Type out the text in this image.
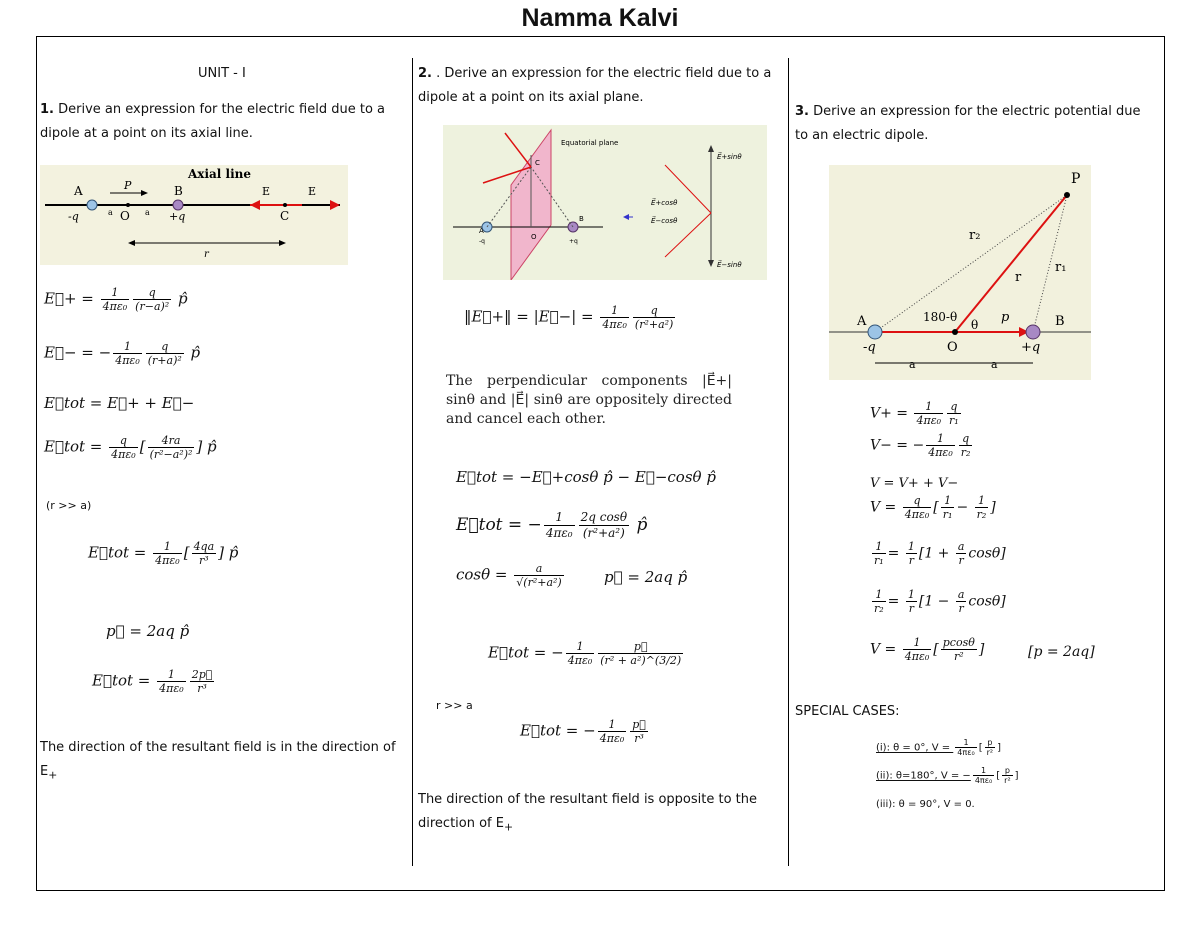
Namma Kalvi
UNIT - I
1. Derive an expression for the electric field due to a dipole at a point on its axial line.
Axial line
A	B
O	C
-q	+q
a	a
P	E	E
r
E⃗+ = $\frac{1}{\text{4πε₀}} \frac{q}{\text{(r−a)²}}$ p̂
E⃗− = − $\frac{1}{\text{4πε₀}} \frac{q}{\text{(r+a)²}}$ p̂
E⃗tot = E⃗+ + E⃗−
E⃗tot = $\frac{q}{\text{4πε₀}}$ [ $\frac{4ra}{\text{(r²−a²)²}}$ ] p̂
(r >> a)
E⃗tot = $\frac{1}{\text{4πε₀}}$ [ $\frac{4qa}{\text{r³}}$ ] p̂
p⃗ = 2aq p̂
E⃗tot = $\frac{1}{\text{4πε₀}} \frac{2p⃗}{\text{r³}}$
The direction of the resultant field is in the direction of $E_+$
2. . Derive an expression for the electric field due to a dipole at a point on its axial plane.
Equatorial plane
A
B
O
C
-q	+q
E⃗+sinθ
E⃗+cosθ
E⃗−cosθ
E⃗−sinθ
‖E⃗+‖ = |E⃗−| = $\frac{1}{\text{4πε₀}} \frac{q}{\text{(r²+a²)}}$
The perpendicular components |E⃗+| sinθ and |E⃗| sinθ are oppositely directed and cancel each other.
E⃗tot = −E⃗+cosθ p̂ − E⃗−cosθ p̂
E⃗tot = − $\frac{1}{\text{4πε₀}} \frac{\text{2q cosθ}}{\text{(r²+a²)}}$ p̂
$\cos\theta = \frac{a}{\text{√(r²+a²)}}$	p⃗ = 2aq p̂
E⃗tot = − $\frac{1}{\text{4πε₀}} \frac{p⃗}{\text{(r² + a²)\textasciicircum{}(3/2)}}$
r >> a
E⃗tot = − $\frac{1}{\text{4πε₀}} \frac{p⃗}{\text{r³}}$
The direction of the resultant field is opposite to the direction of $E_+$
3. Derive an expression for the electric potential due to an electric dipole.
P
A	B
O
r
r₁
r₂
180-θ
θ p
-q	+q
a	a
$V+ = \frac{1}{\text{4πε₀}} \frac{q}{\text{r₁}}$
V− = − $\frac{1}{\text{4πε₀}} \frac{q}{\text{r₂}}$
V = V+ + V−
$V = \frac{q}{\text{4πε₀}}$ [ $\frac{1}{\text{r₁}} - \frac{1}{\text{r₂}}$ ]
$\frac{1}{\text{r₁}} = \frac{1}{r} [1 + \frac{a}{r} \cos\theta]$
$\frac{1}{\text{r₂}} = \frac{1}{r} [1 - \frac{a}{r} \cos\theta]$
$V = \frac{1}{\text{4πε₀}}$ [ $\frac{pcos\theta}{\text{r²}}$ ]	[p = 2aq]
SPECIAL CASES:
(i): θ = 0°, $V = \frac{1}{\text{4πε₀}}$ [ $\frac{p}{\text{r²}}$ ]
(ii): θ=180°, V = − $\frac{1}{\text{4πε₀}}$ [ $\frac{p}{\text{r²}}$ ]
(iii): θ = 90°, V = 0.
